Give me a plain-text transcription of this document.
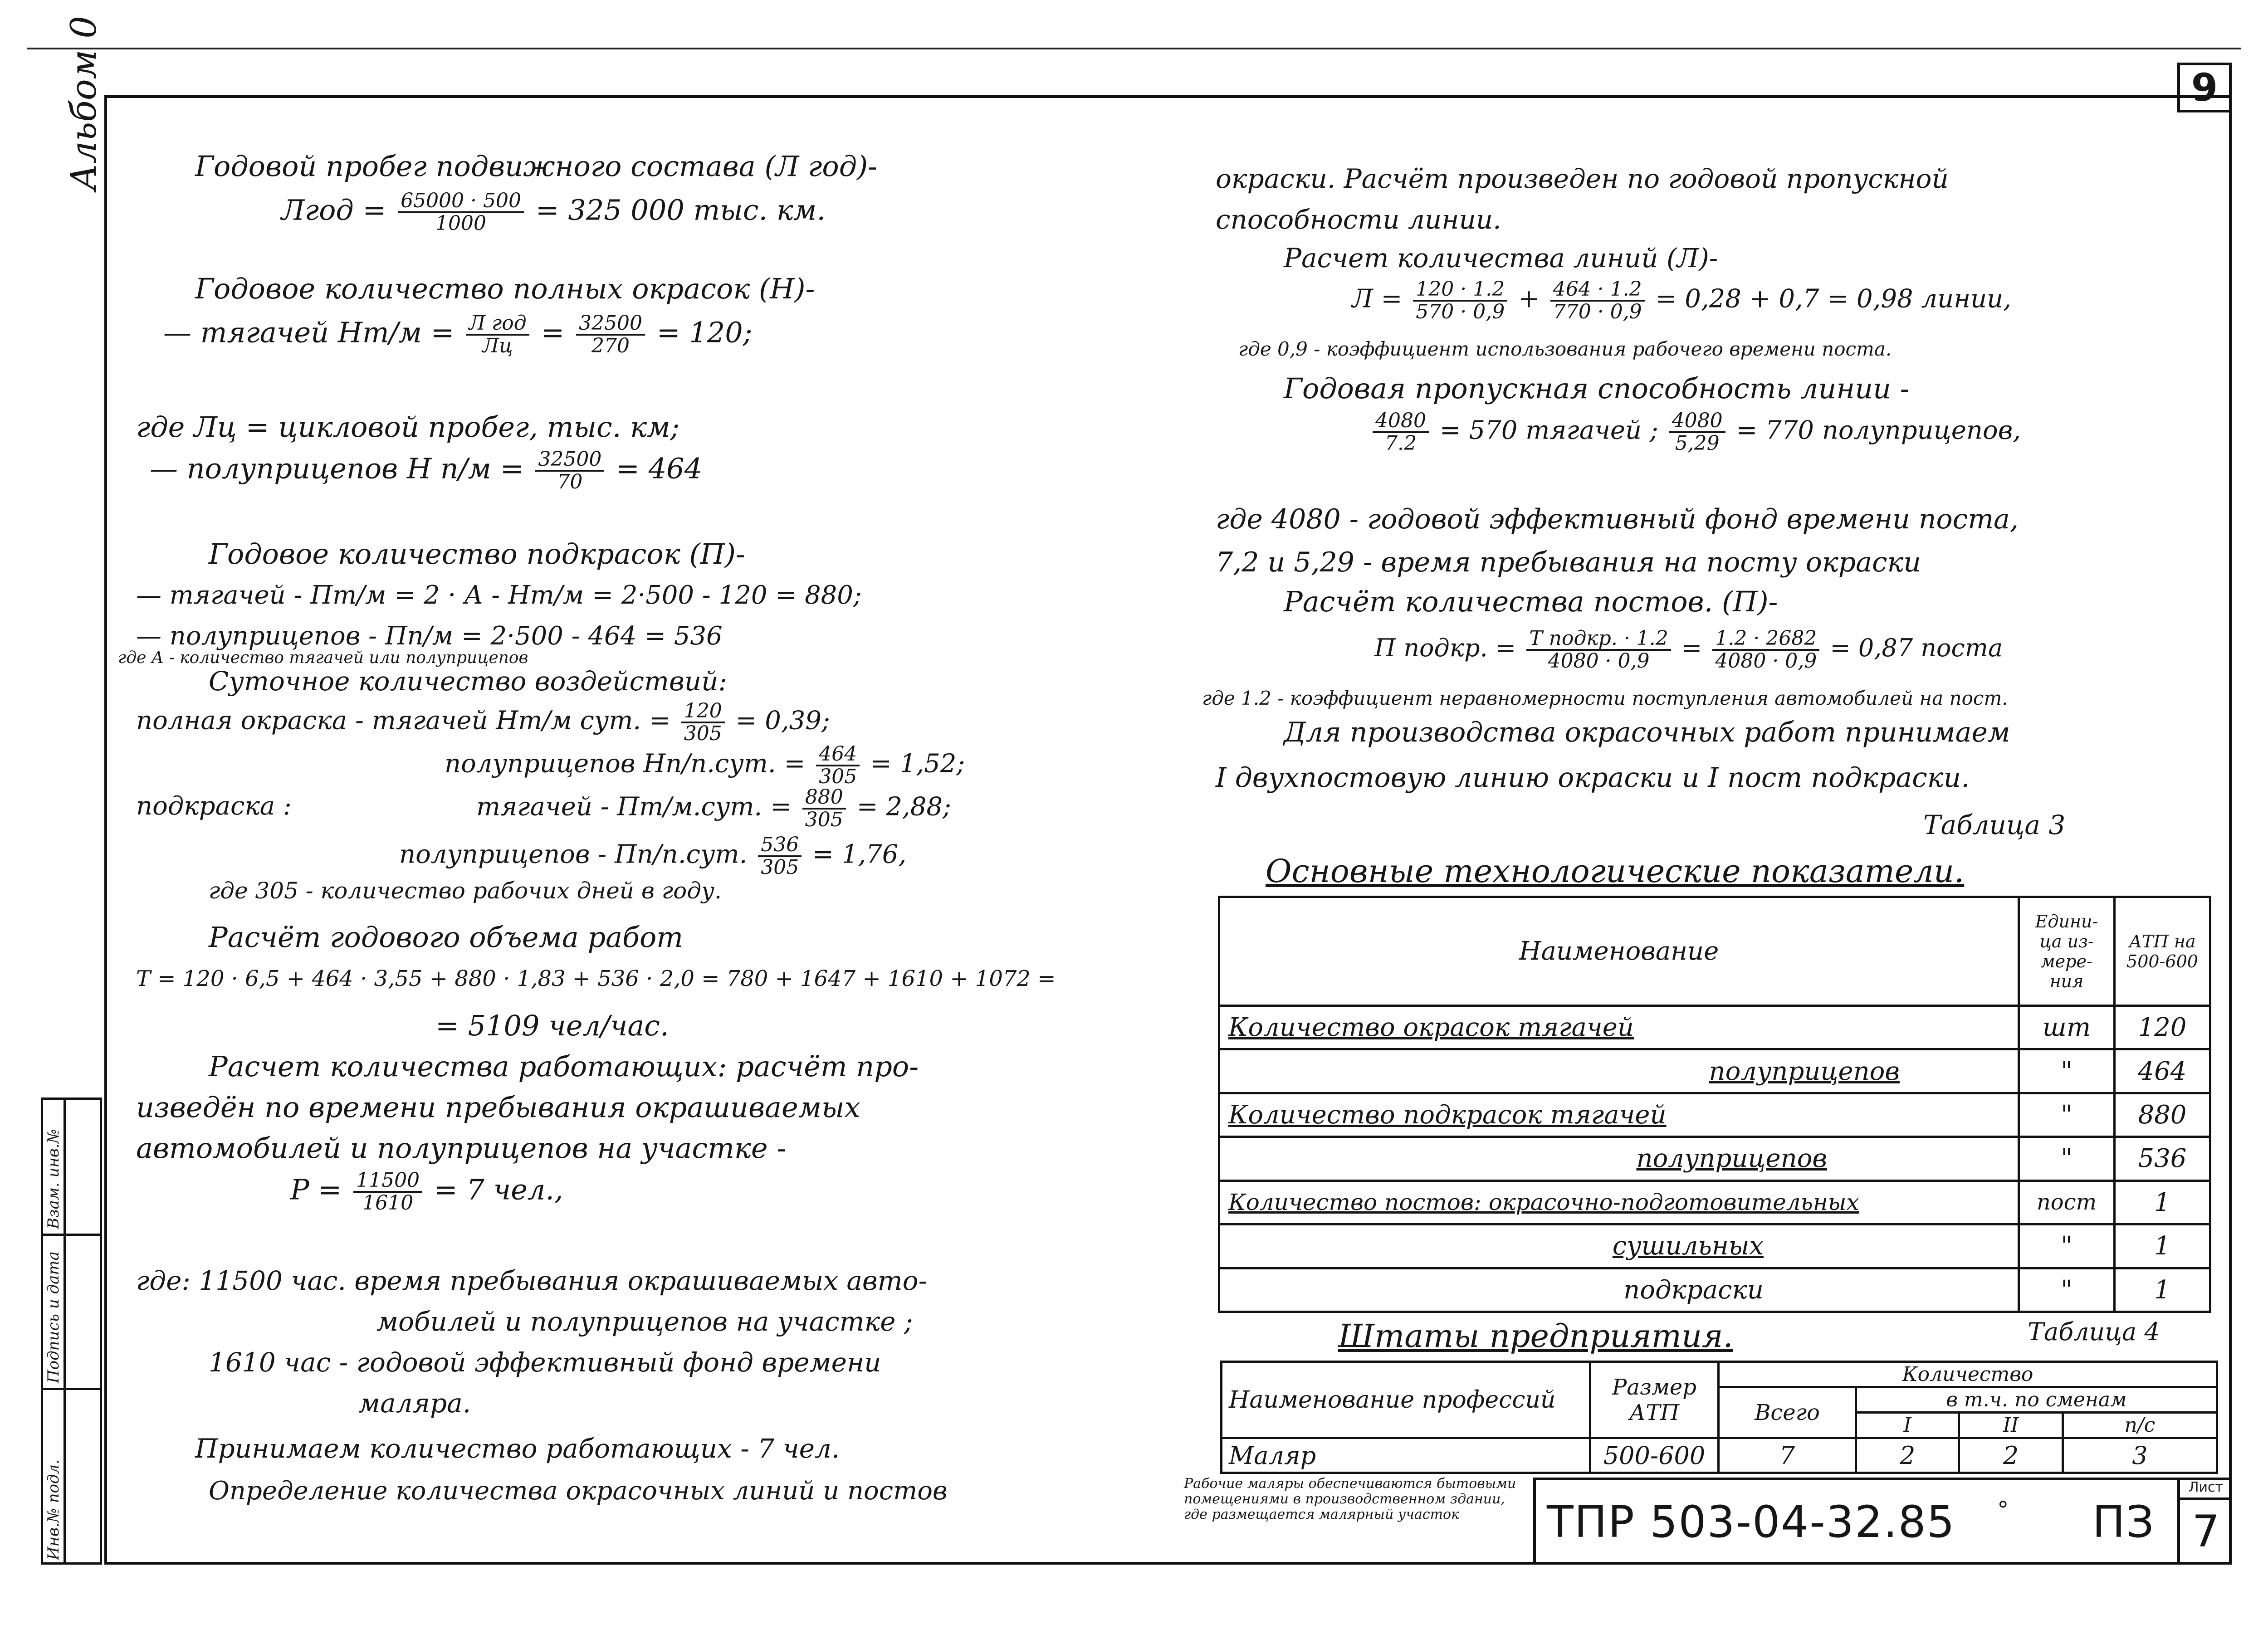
9
Альбом 0
Инв.№ подл.
Подпись и дата
Взам. инв.№
Годовой пробег подвижного состава (Л год)-
Лгод = $\frac{65000 \cdot 500}{1000} = 325$ 000 тыс. км.
Годовое количество полных окрасок (Н)-
— тягачей $Нт/м = \frac{\text{Л год}}{Лц} = \frac{32500}{270} = 120$;
где Лц = цикловой пробег, тыс. км;
— полуприцепов Н $п/м = \frac{32500}{70} = 464$
Годовое количество подкрасок (П)-
— тягачей - Пт/м = 2 · А - Нт/м = 2·500 - 120 = 880;
— полуприцепов - Пп/м = 2·500 - 464 = 536
где А - количество тягачей или полуприцепов
Суточное количество воздействий:
полная окраска - тягачей Нт/м сут. = $\frac{120}{305} = 0,39$;
полуприцепов Нп/п.сут. = $\frac{464}{305} = 1,52$;
подкраска :	тягачей - Пт/м.сут. = $\frac{880}{305} = 2,88$;
полуприцепов - Пп/п.сут. $\frac{536}{305} = 1,76$,
где 305 - количество рабочих дней в году.
Расчёт годового объема работ
Т = 120 · 6,5 + 464 · 3,55 + 880 · 1,83 + 536 · 2,0 = 780 + 1647 + 1610 + 1072 =
= 5109 чел/час.
Расчет количества работающих: расчёт про-
изведён по времени пребывания окрашиваемых
автомобилей и полуприцепов на участке -
$Р = \frac{11500}{1610} = 7$ чел.,
где: 11500 час. время пребывания окрашиваемых авто-
мобилей и полуприцепов на участке ;
1610 час - годовой эффективный фонд времени
маляра.
Принимаем количество работающих - 7 чел.
Определение количества окрасочных линий и постов
окраски. Расчёт произведен по годовой пропускной
способности линии.
Расчет количества линий (Л)-
$Л = \frac{120 \cdot 1.2}{570 \cdot 0,9} + \frac{464 \cdot 1.2}{770 \cdot 0,9} = 0,28 + 0,7 = 0,98$ линии,
где 0,9 - коэффициент использования рабочего времени поста.
Годовая пропускная способность линии -
$\frac{4080}{7.2} = 570$ тягачей ; $\frac{4080}{5,29} = 770$ полуприцепов,
где 4080 - годовой эффективный фонд времени поста,
7,2 и 5,29 - время пребывания на посту окраски
Расчёт количества постов. (П)-
П подкр. = $\frac{\text{Т подкр. · 1.2}}{4080 \cdot 0,9} = \frac{1.2 \cdot 2682}{4080 \cdot 0,9} = 0,87$ поста
где 1.2 - коэффициент неравномерности поступления автомобилей на пост.
Для производства окрасочных работ принимаем
I двухпостовую линию окраски и I пост подкраски.
Таблица 3
Основные технологические показатели.
Наименование	Едини-ца из-мере-ния	АТП на 500-600
Количество окрасок тягачей	шт	120
полуприцепов	"	464
Количество подкрасок тягачей	"	880
полуприцепов	"	536
Количество постов: окрасочно-подготовительных	пост	1
сушильных	"	1
подкраски	"	1
Штаты предприятия.	Таблица 4
Наименование профессий	Размер АТП	Количество			
		Всего	в т.ч. по сменам		
			I	II	п/с
Маляр	500-600	7	2	2	3
Рабочие маляры обеспечиваются бытовыми помещениями в производственном здании, где размещается малярный участок	ТПР 503-04-32.85 ° ПЗ
Лист
7
